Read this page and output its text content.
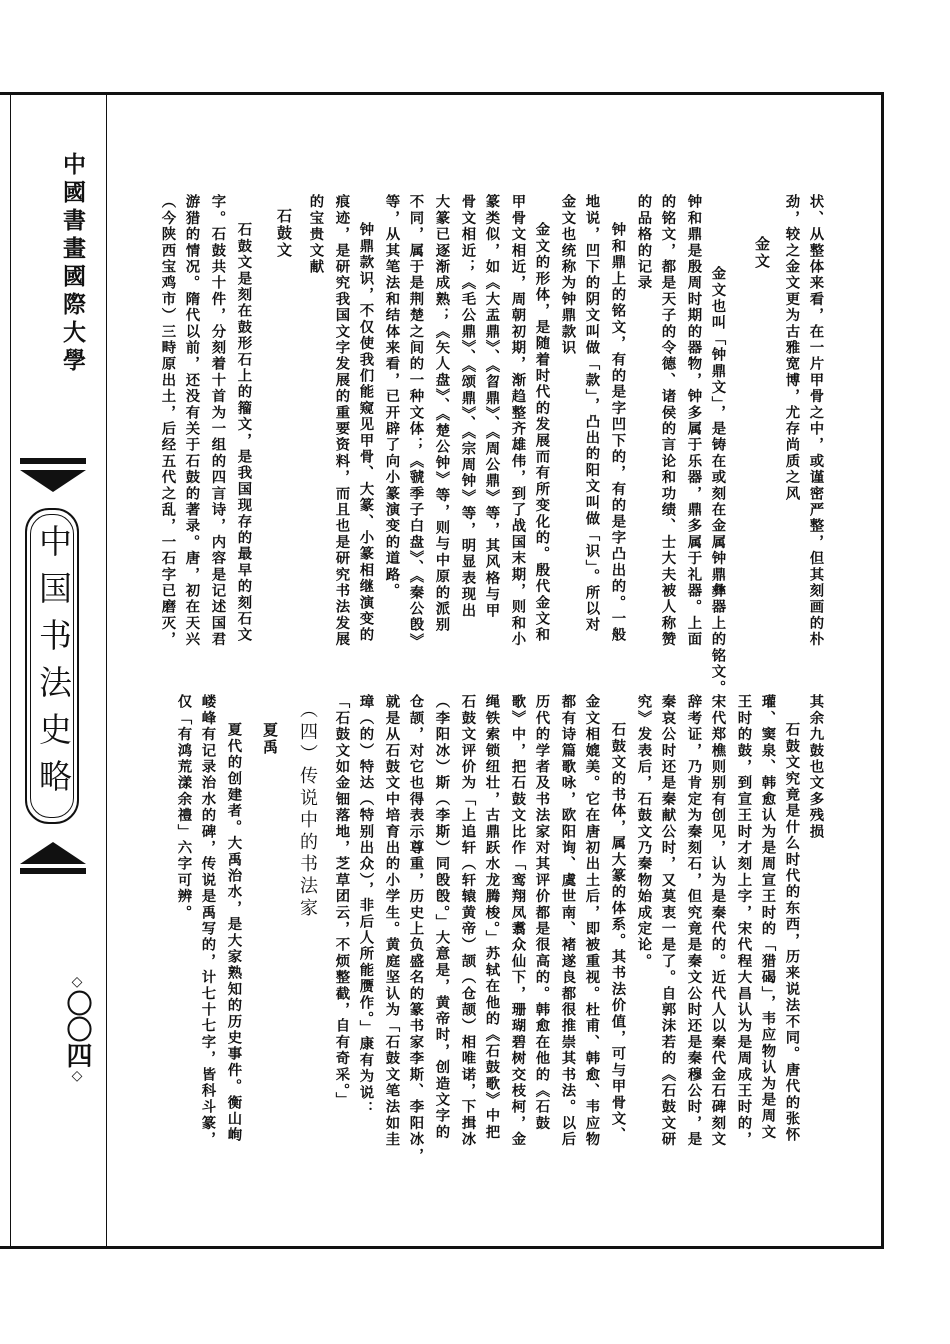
中國書畫國際大學
中国书法史略
◇〇〇四◇
状、从整体来看，在一片甲骨之中，或谨密严整，但其刻画的朴
劲，较之金文更为古雅宽博，尤存尚质之风
金文
金文也叫「钟鼎文」，是铸在或刻在金属钟鼎彝器上的铭文。
钟和鼎是殷周时期的器物，钟多属于乐器，鼎多属于礼器。上面
的铭文，都是天子的令德、诸侯的言论和功绩、士大夫被人称赞
的品格的记录
钟和鼎上的铭文，有的是字凹下的，有的是字凸出的。一般
地说，凹下的阴文叫做「款」，凸出的阳文叫做「识」。所以对
金文也统称为钟鼎款识
金文的形体，是随着时代的发展而有所变化的。殷代金文和
甲骨文相近，周朝初期，渐趋整齐雄伟，到了战国末期，则和小
篆类似，如《大盂鼎》、《曶鼎》、《周公鼎》等，其风格与甲
骨文相近；《毛公鼎》、《颂鼎》、《宗周钟》等，明显表现出
大篆已逐渐成熟；《矢人盘》、《楚公钟》等，则与中原的派别
不同，属于是荆楚之间的一种文体；《虢季子白盘》、《秦公𣪘》
等，从其笔法和结体来看，已开辟了向小篆演变的道路。
钟鼎款识，不仅使我们能窥见甲骨、大篆、小篆相继演变的
痕迹，是研究我国文字发展的重要资料，而且也是研究书法发展
的宝贵文献
石鼓文
石鼓文是刻在鼓形石上的籀文，是我国现存的最早的刻石文
字。石鼓共十件，分刻着十首为一组的四言诗，内容是记述国君
游猎的情况。隋代以前，还没有关于石鼓的著录。唐，初在天兴
（今陕西宝鸡市）三畤原出土，后经五代之乱，一石字已磨灭，
其余九鼓也文多残损
石鼓文究竟是什么时代的东西，历来说法不同。唐代的张怀
瓘、窦泉、韩愈认为是周宣王时的「猎碣」，韦应物认为是周文
王时的鼓，到宣王时才刻上字，宋代程大昌认为是周成王时的，
宋代郑樵则别有创见，认为是秦代的。近代人以秦代金石碑刻文
辞考证，乃肯定为秦刻石，但究竟是秦文公时还是秦穆公时，是
秦哀公时还是秦献公时，又莫衷一是了。自郭沫若的《石鼓文研
究》发表后，石鼓文乃秦物始成定论。
石鼓文的书体，属大篆的体系。其书法价值，可与甲骨文、
金文相媲美。它在唐初出土后，即被重视。杜甫、韩愈、韦应物
都有诗篇歌咏，欧阳询、虞世南、褚遂良都很推崇其书法。以后
历代的学者及书法家对其评价都是很高的。韩愈在他的《石鼓
歌》中，把石鼓文比作「鸾翔凤翥众仙下，珊瑚碧树交枝柯，金
绳铁索锁纽壮，古鼎跃水龙腾梭。」苏轼在他的《石鼓歌》中把
石鼓文评价为「上追轩（轩辕黄帝）颉（仓颉）相唯诺，下揖冰
（李阳冰）斯（李斯）同𣪘𣪘。」大意是，黄帝时，创造文字的
仓颉，对它也得表示尊重，历史上负盛名的篆书家李斯、李阳冰，
就是从石鼓文中培育出的小学生。黄庭坚认为「石鼓文笔法如圭
璋（的）特达（特别出众），非后人所能赝作。」康有为说：
「石鼓文如金钿落地，芝草团云，不烦整截，自有奇采。」
（四）传说中的书法家
夏禹
夏代的创建者。大禹治水，是大家熟知的历史事件。衡山峋
嵝峰有记录治水的碑，传说是禹写的，计七十七字，皆科斗篆，
仅「有鸿荒漾余禮」六字可辨。
